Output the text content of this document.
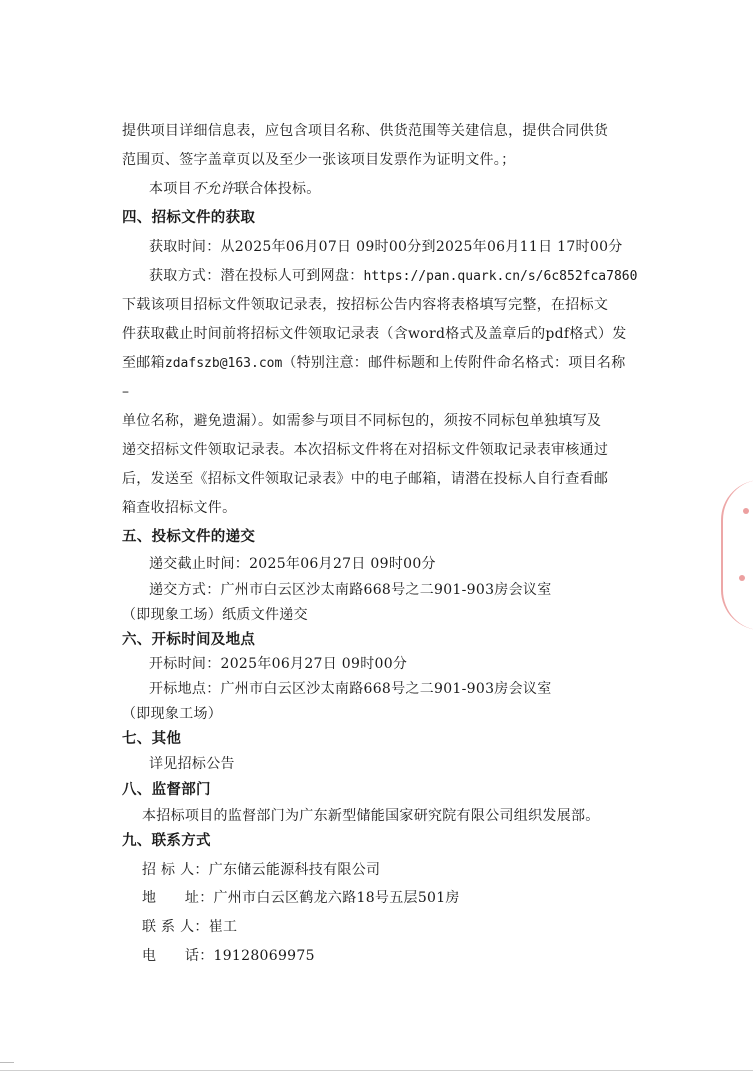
提供项目详细信息表，应包含项目名称、供货范围等关建信息，提供合同供货
范围页、签字盖章页以及至少一张该项目发票作为证明文件。；
本项目不允许联合体投标。
四、招标文件的获取
获取时间：从2025年06月07日 09时00分到2025年06月11日 17时00分
获取方式：潜在投标人可到网盘：https://pan.quark.cn/s/6c852fca7860
下载该项目招标文件领取记录表，按招标公告内容将表格填写完整，在招标文
件获取截止时间前将招标文件领取记录表（含word格式及盖章后的pdf格式）发
至邮箱zdafszb@163.com（特别注意：邮件标题和上传附件命名格式：项目名称
–
单位名称，避免遗漏）。如需参与项目不同标包的，须按不同标包单独填写及
递交招标文件领取记录表。本次招标文件将在对招标文件领取记录表审核通过
后，发送至《招标文件领取记录表》中的电子邮箱，请潜在投标人自行查看邮
箱查收招标文件。
五、投标文件的递交
递交截止时间：2025年06月27日 09时00分
递交方式：广州市白云区沙太南路668号之二901-903房会议室
（即现象工场）纸质文件递交
六、开标时间及地点
开标时间：2025年06月27日 09时00分
开标地点：广州市白云区沙太南路668号之二901-903房会议室
（即现象工场）
七、其他
详见招标公告
八、监督部门
本招标项目的监督部门为广东新型储能国家研究院有限公司组织发展部。
九、联系方式
招 标 人：广东储云能源科技有限公司
地　　址：广州市白云区鹤龙六路18号五层501房
联 系 人：崔工
电　　话：19128069975
